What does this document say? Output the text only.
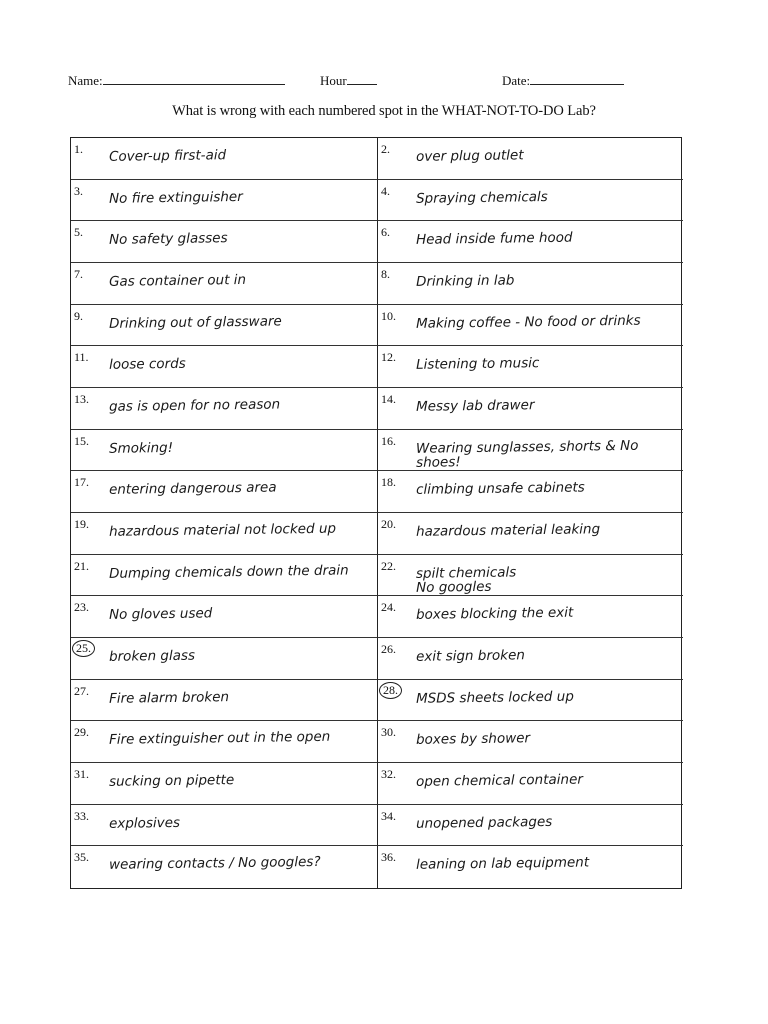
Name:	Hour	Date:
What is wrong with each numbered spot in the WHAT-NOT-TO-DO Lab?
1. Cover-up first-aid	2. over plug outlet
3. No fire extinguisher	4. Spraying chemicals
5. No safety glasses	6. Head inside fume hood
7. Gas container out in	8. Drinking in lab
9. Drinking out of glassware	10. Making coffee - No food or drinks
11. loose cords	12. Listening to music
13. gas is open for no reason	14. Messy lab drawer
15. Smoking!	16. Wearing sunglasses, shorts & No shoes!
17. entering dangerous area	18. climbing unsafe cabinets
19. hazardous material not locked up	20. hazardous material leaking
21. Dumping chemicals down the drain	22. spilt chemicals
No googles
23. No gloves used	24. boxes blocking the exit
25. broken glass	26. exit sign broken
27. Fire alarm broken	28. MSDS sheets locked up
29. Fire extinguisher out in the open	30. boxes by shower
31. sucking on pipette	32. open chemical container
33. explosives	34. unopened packages
35. wearing contacts / No googles?	36. leaning on lab equipment
